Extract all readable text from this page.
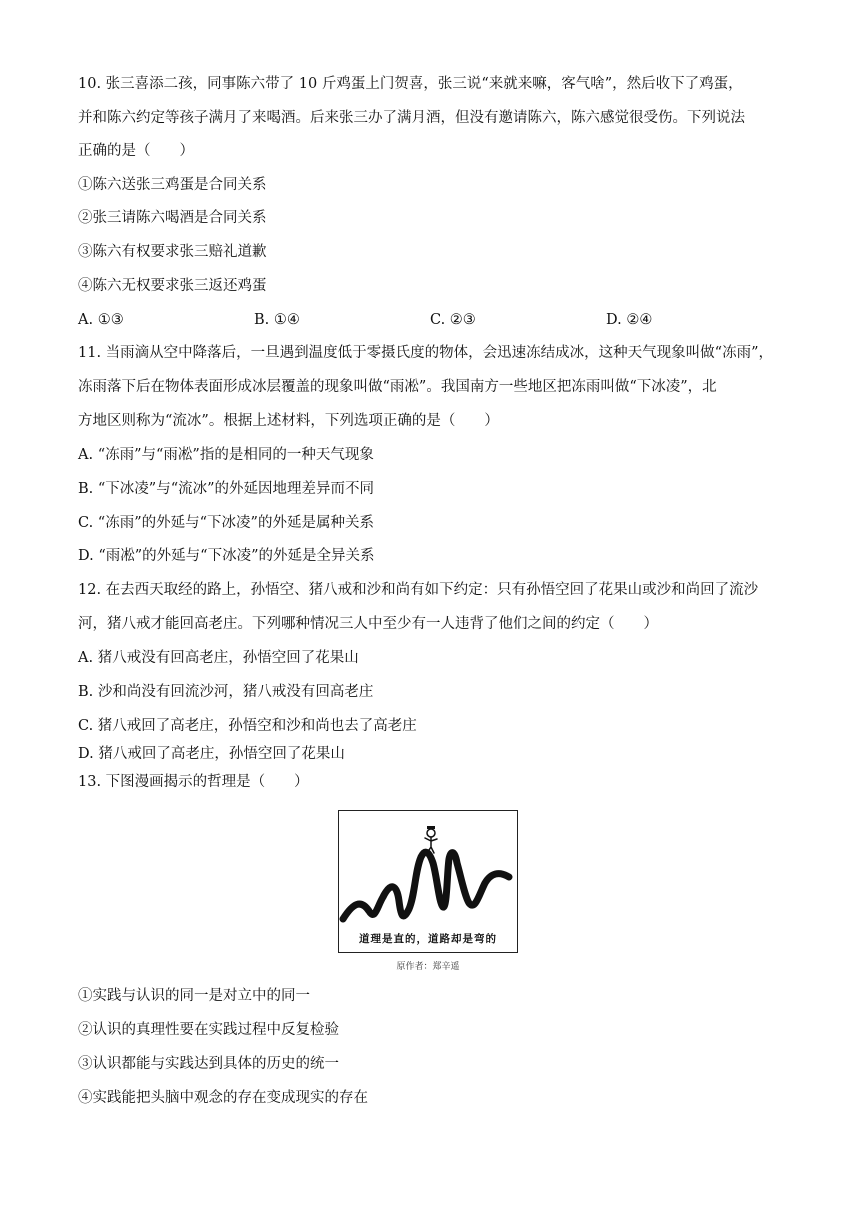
10. 张三喜添二孩，同事陈六带了 10 斤鸡蛋上门贺喜，张三说“来就来嘛，客气啥”，然后收下了鸡蛋，
并和陈六约定等孩子满月了来喝酒。后来张三办了满月酒，但没有邀请陈六，陈六感觉很受伤。下列说法
正确的是（　　）
①陈六送张三鸡蛋是合同关系
②张三请陈六喝酒是合同关系
③陈六有权要求张三赔礼道歉
④陈六无权要求张三返还鸡蛋
A. ①③	B. ①④	C. ②③	D. ②④
11. 当雨滴从空中降落后，一旦遇到温度低于零摄氏度的物体，会迅速冻结成冰，这种天气现象叫做“冻雨”，
冻雨落下后在物体表面形成冰层覆盖的现象叫做“雨凇”。我国南方一些地区把冻雨叫做“下冰凌”，北
方地区则称为“流冰”。根据上述材料，下列选项正确的是（　　）
A. “冻雨”与“雨凇”指的是相同的一种天气现象
B. “下冰凌”与“流冰”的外延因地理差异而不同
C. “冻雨”的外延与“下冰凌”的外延是属种关系
D. “雨凇”的外延与“下冰凌”的外延是全异关系
12. 在去西天取经的路上，孙悟空、猪八戒和沙和尚有如下约定：只有孙悟空回了花果山或沙和尚回了流沙
河，猪八戒才能回高老庄。下列哪种情况三人中至少有一人违背了他们之间的约定（　　）
A. 猪八戒没有回高老庄，孙悟空回了花果山
B. 沙和尚没有回流沙河，猪八戒没有回高老庄
C. 猪八戒回了高老庄，孙悟空和沙和尚也去了高老庄
D. 猪八戒回了高老庄，孙悟空回了花果山
13. 下图漫画揭示的哲理是（　　）
道理是直的，道路却是弯的
原作者：郑辛遥
①实践与认识的同一是对立中的同一
②认识的真理性要在实践过程中反复检验
③认识都能与实践达到具体的历史的统一
④实践能把头脑中观念的存在变成现实的存在
